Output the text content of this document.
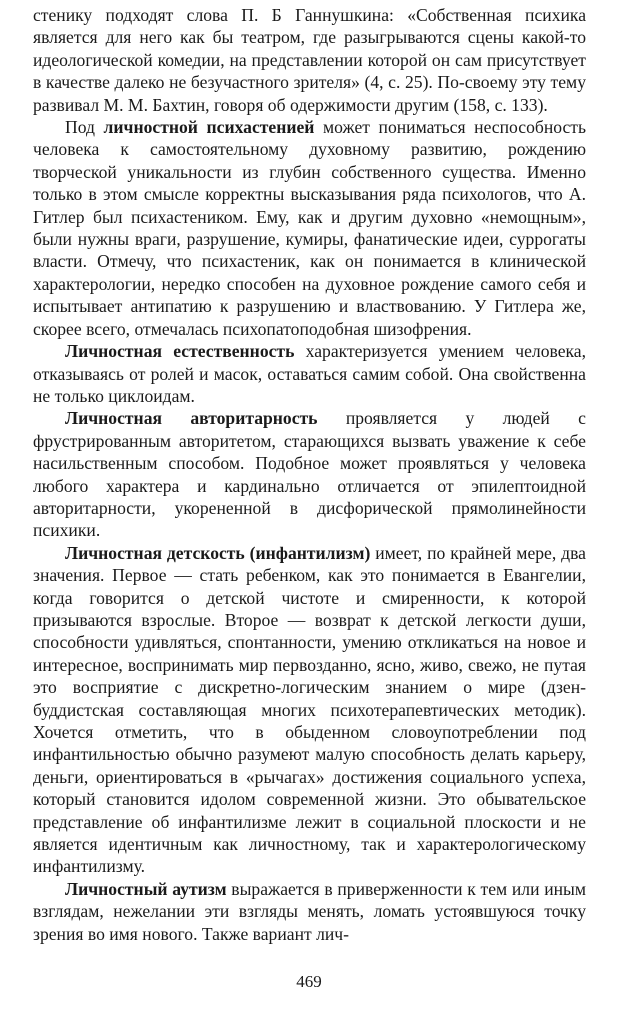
стенику подходят слова П. Б Ганнушкина: «Собственная психика является для него как бы театром, где разыгрываются сцены какой-то идеологической комедии, на представлении которой он сам присутствует в качестве далеко не безучастного зрителя» (4, с. 25). По-своему эту тему развивал М. М. Бахтин, говоря об одержимости другим (158, с. 133).

Под личностной психастенией может пониматься неспособность человека к самостоятельному духовному развитию, рождению творческой уникальности из глубин собственного существа. Именно только в этом смысле корректны высказывания ряда психологов, что А. Гитлер был психастеником. Ему, как и другим духовно «немощным», были нужны враги, разрушение, кумиры, фанатические идеи, суррогаты власти. Отмечу, что психастеник, как он понимается в клинической характерологии, нередко способен на духовное рождение самого себя и испытывает антипатию к разрушению и властвованию. У Гитлера же, скорее всего, отмечалась психопатоподобная шизофрения.

Личностная естественность характеризуется умением человека, отказываясь от ролей и масок, оставаться самим собой. Она свойственна не только циклоидам.

Личностная авторитарность проявляется у людей с фрустрированным авторитетом, старающихся вызвать уважение к себе насильственным способом. Подобное может проявляться у человека любого характера и кардинально отличается от эпилептоидной авторитарности, укорененной в дисфорической прямолинейности психики.

Личностная детскость (инфантилизм) имеет, по крайней мере, два значения. Первое — стать ребенком, как это понимается в Евангелии, когда говорится о детской чистоте и смиренности, к которой призываются взрослые. Второе — возврат к детской легкости души, способности удивляться, спонтанности, умению откликаться на новое и интересное, воспринимать мир первозданно, ясно, живо, свежо, не путая это восприятие с дискретно-логическим знанием о мире (дзен-буддистская составляющая многих психотерапевтических методик). Хочется отметить, что в обыденном словоупотреблении под инфантильностью обычно разумеют малую способность делать карьеру, деньги, ориентироваться в «рычагах» достижения социального успеха, который становится идолом современной жизни. Это обывательское представление об инфантилизме лежит в социальной плоскости и не является идентичным как личностному, так и характерологическому инфантилизму.

Личностный аутизм выражается в приверженности к тем или иным взглядам, нежелании эти взгляды менять, ломать устоявшуюся точку зрения во имя нового. Также вариант лич-

469
